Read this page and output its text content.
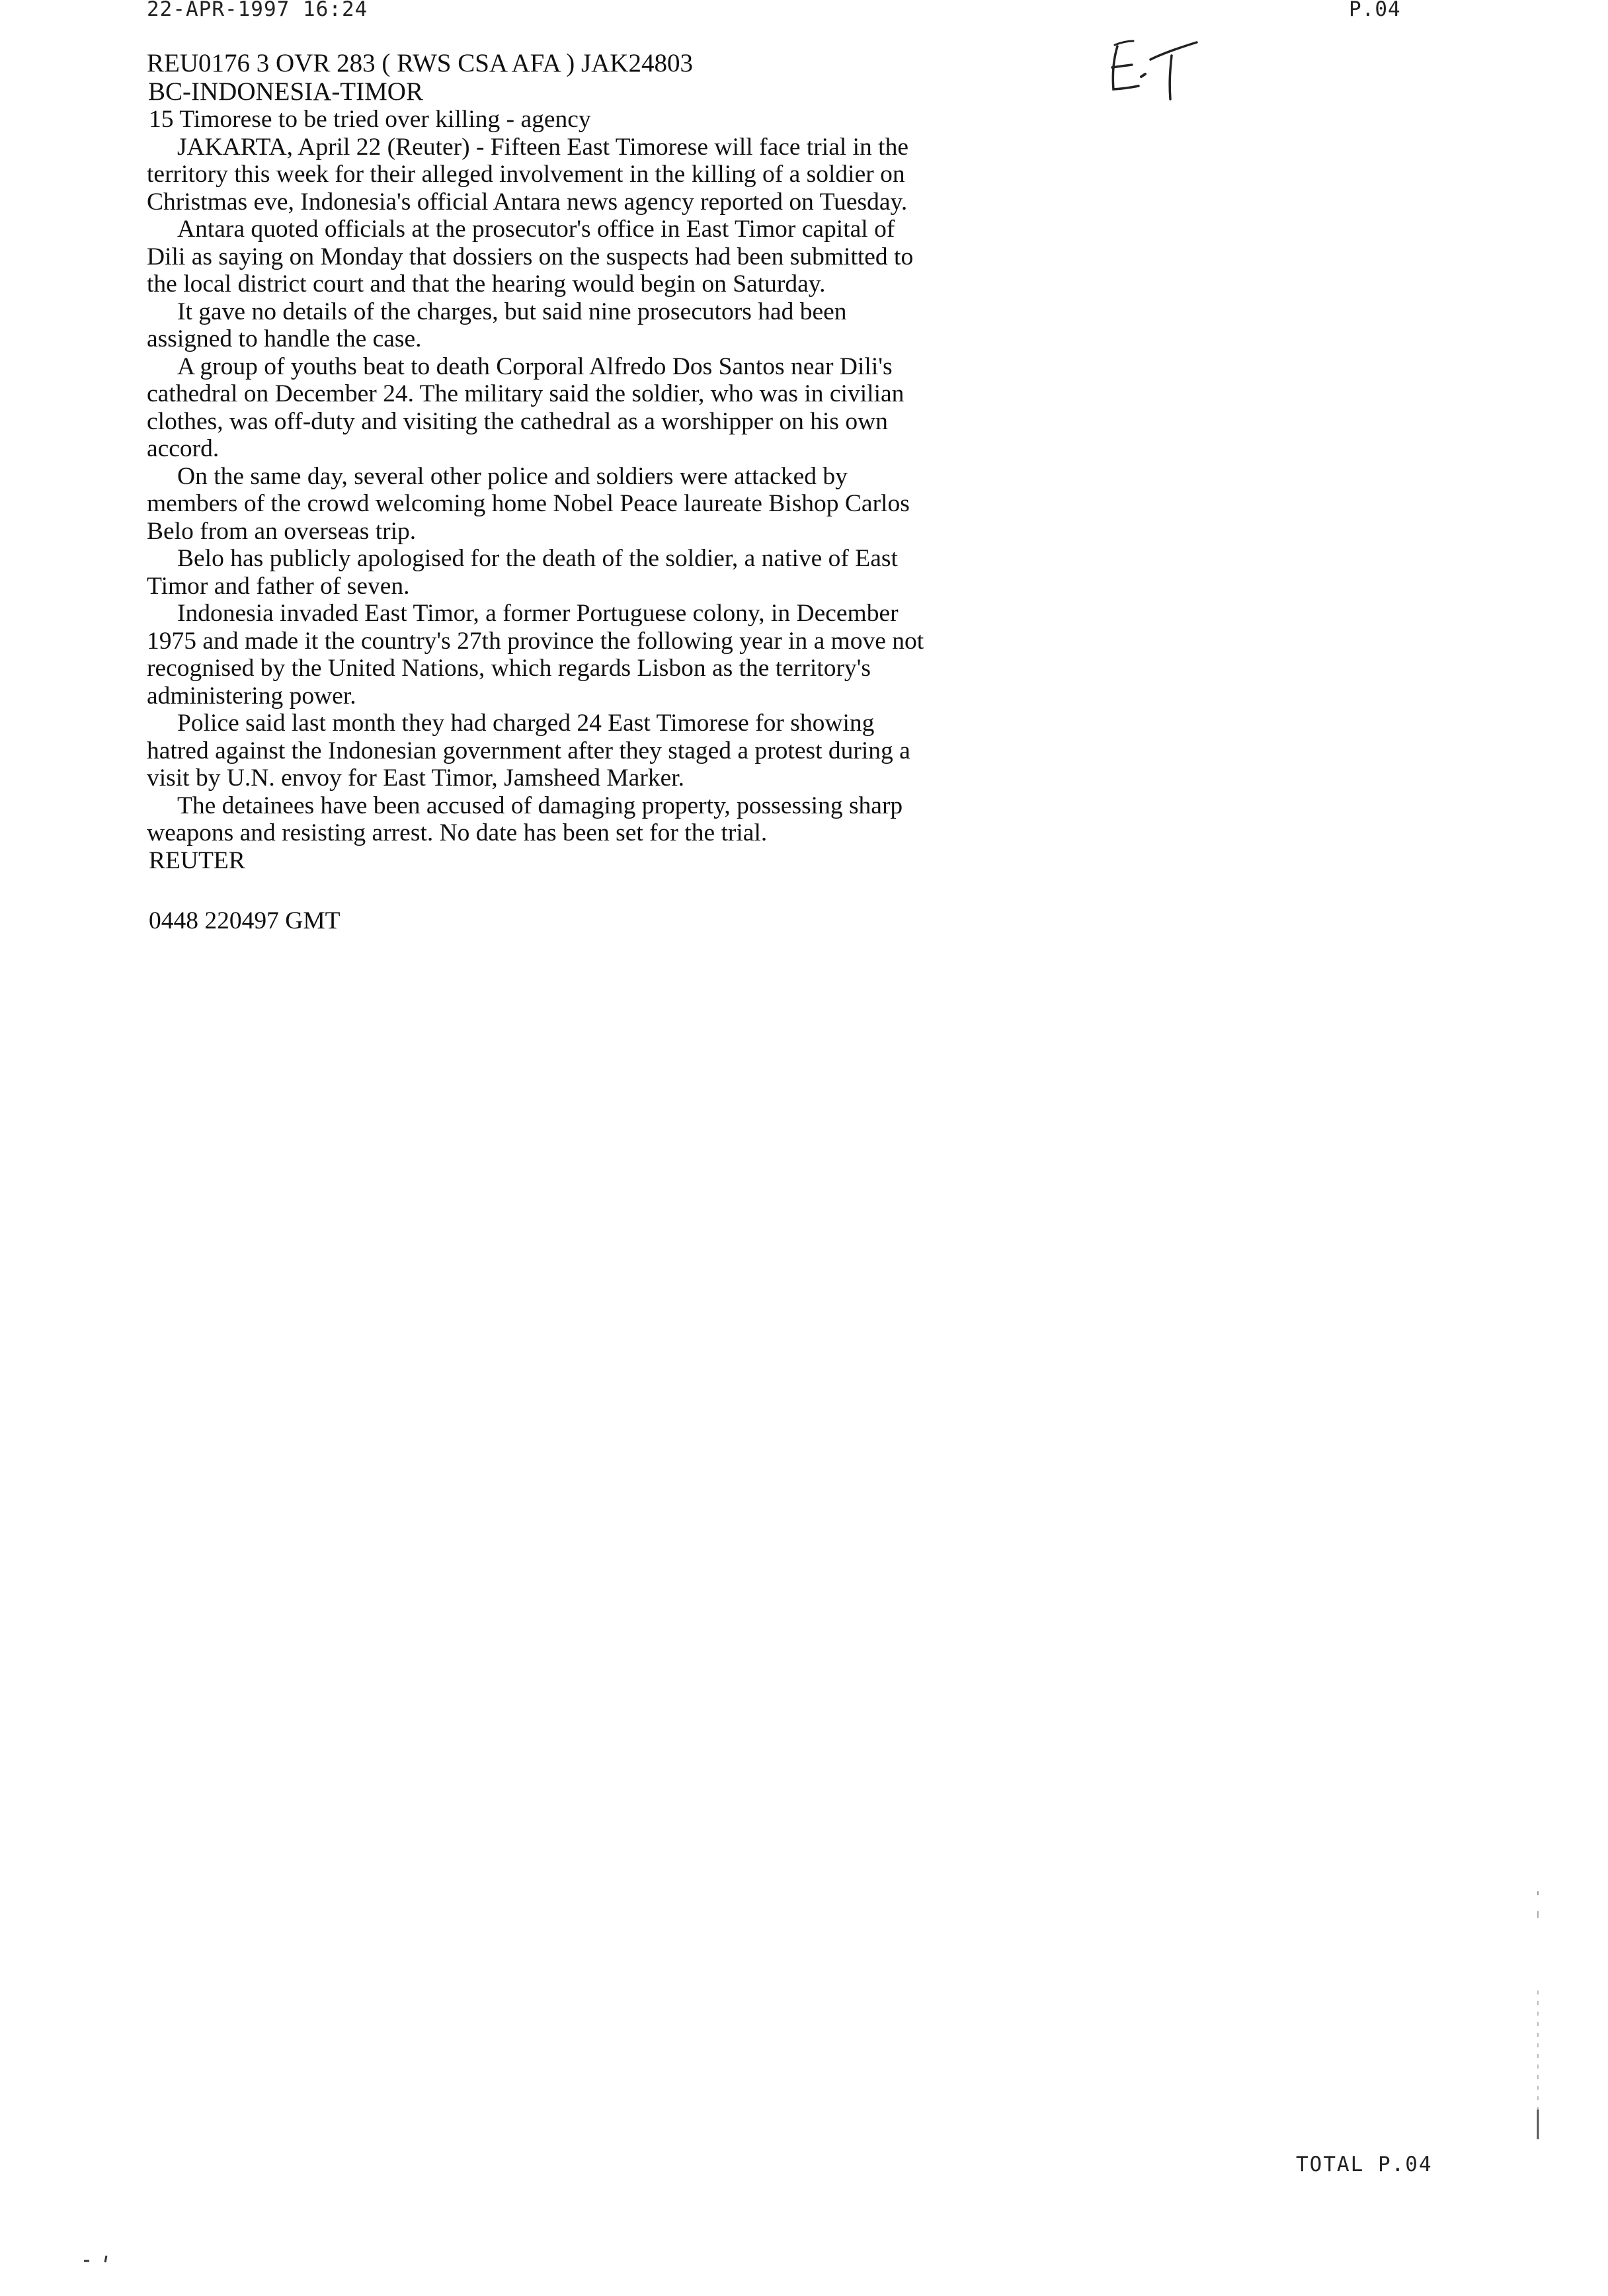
22-APR-1997 16:24	P.04

REU0176 3 OVR 283 ( RWS CSA AFA ) JAK24803

BC-INDONESIA-TIMOR

15 Timorese to be tried over killing - agency

JAKARTA, April 22 (Reuter) - Fifteen East Timorese will face trial in the territory this week for their alleged involvement in the killing of a soldier on Christmas eve, Indonesia's official Antara news agency reported on Tuesday.

Antara quoted officials at the prosecutor's office in East Timor capital of Dili as saying on Monday that dossiers on the suspects had been submitted to the local district court and that the hearing would begin on Saturday.

It gave no details of the charges, but said nine prosecutors had been assigned to handle the case.

A group of youths beat to death Corporal Alfredo Dos Santos near Dili's cathedral on December 24. The military said the soldier, who was in civilian clothes, was off-duty and visiting the cathedral as a worshipper on his own accord.

On the same day, several other police and soldiers were attacked by members of the crowd welcoming home Nobel Peace laureate Bishop Carlos Belo from an overseas trip.

Belo has publicly apologised for the death of the soldier, a native of East Timor and father of seven.

Indonesia invaded East Timor, a former Portuguese colony, in December 1975 and made it the country's 27th province the following year in a move not recognised by the United Nations, which regards Lisbon as the territory's administering power.

Police said last month they had charged 24 East Timorese for showing hatred against the Indonesian government after they staged a protest during a visit by U.N. envoy for East Timor, Jamsheed Marker.

The detainees have been accused of damaging property, possessing sharp weapons and resisting arrest. No date has been set for the trial.

REUTER

0448 220497 GMT

TOTAL P.04
